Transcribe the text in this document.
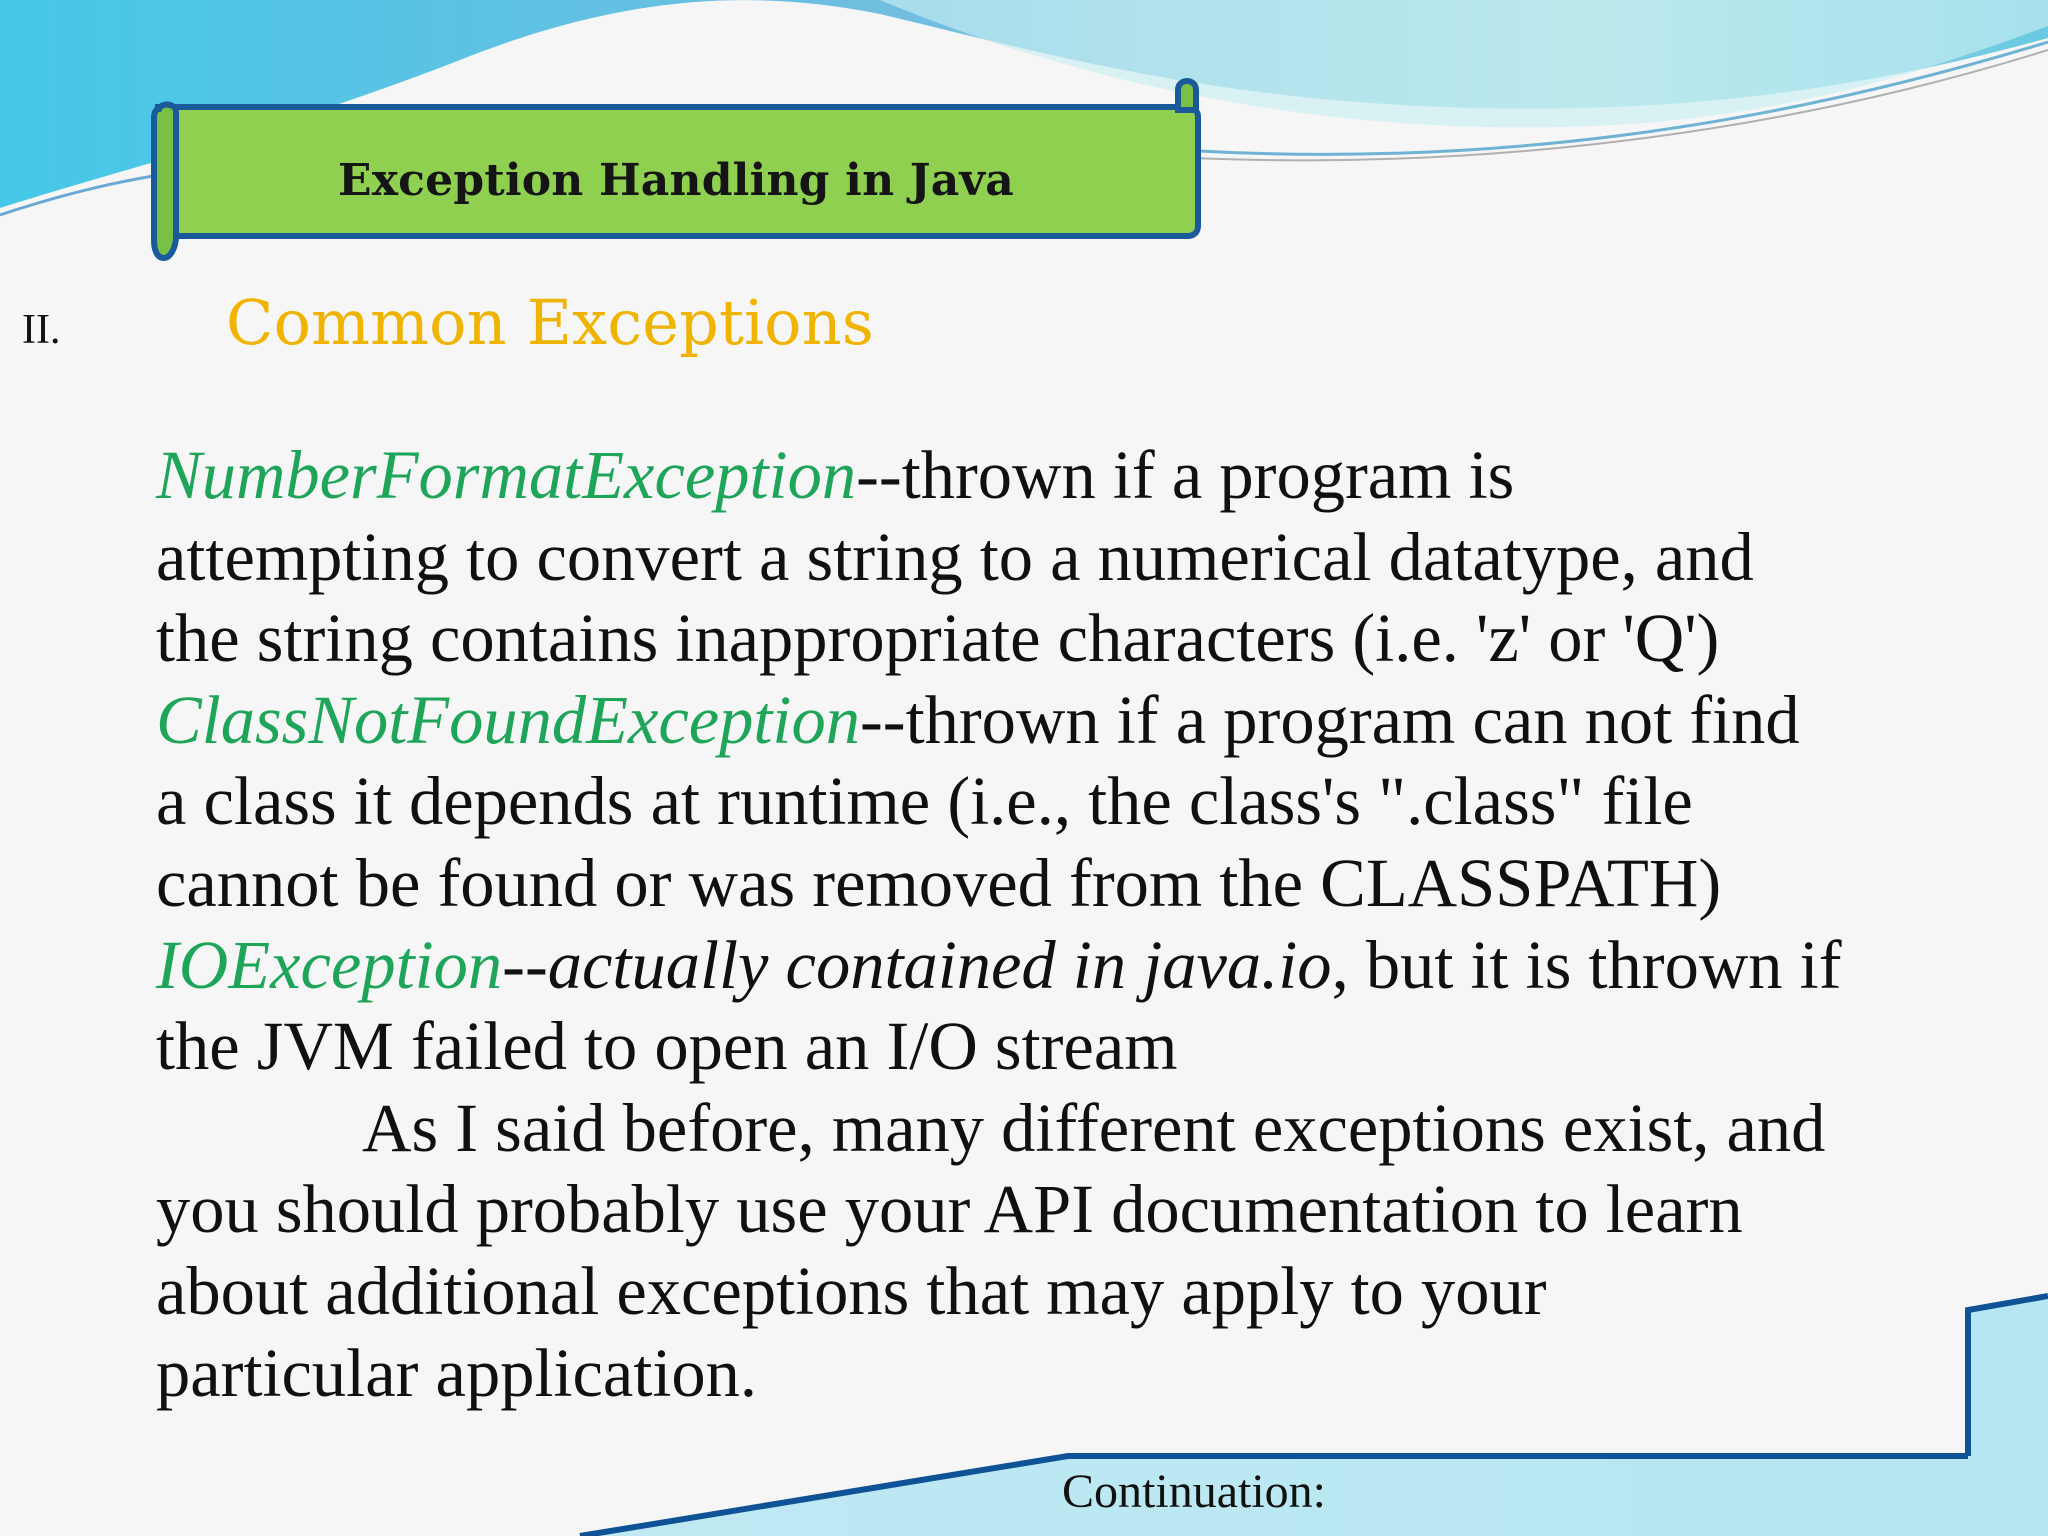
Exception Handling in Java
II.	Common Exceptions
NumberFormatException--thrown if a program is
attempting to convert a string to a numerical datatype, and
the string contains inappropriate characters (i.e. 'z' or 'Q')
ClassNotFoundException--thrown if a program can not find
a class it depends at runtime (i.e., the class's ".class" file
cannot be found or was removed from the CLASSPATH)
IOException--actually contained in java.io, but it is thrown if
the JVM failed to open an I/O stream
As I said before, many different exceptions exist, and
you should probably use your API documentation to learn
about additional exceptions that may apply to your
particular application.
Continuation:
